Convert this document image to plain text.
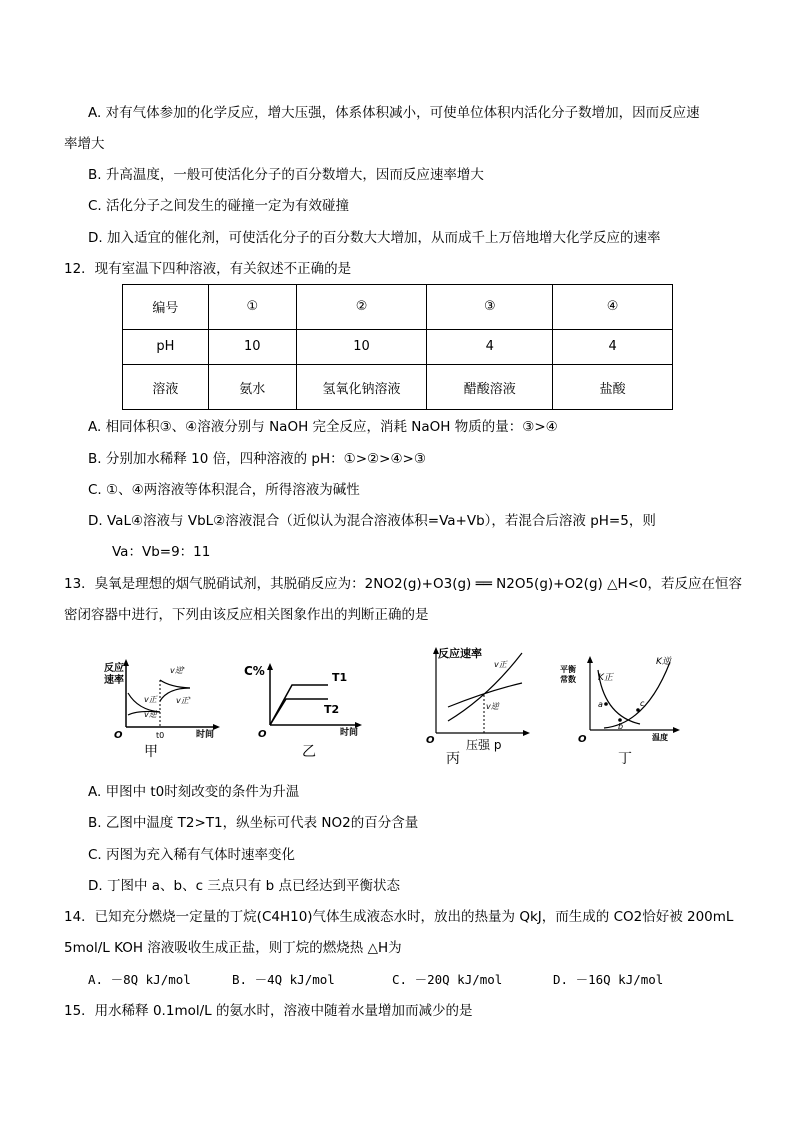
A. 对有气体参加的化学反应，增大压强，体系体积减小，可使单位体积内活化分子数增加，因而反应速
率增大
B. 升高温度，一般可使活化分子的百分数增大，因而反应速率增大
C. 活化分子之间发生的碰撞一定为有效碰撞
D. 加入适宜的催化剂，可使活化分子的百分数大大增加，从而成千上万倍地增大化学反应的速率
12．现有室温下四种溶液，有关叙述不正确的是
编号	①	②	③	④
pH	10	10	4	4
溶液	氨水	氢氧化钠溶液	醋酸溶液	盐酸
A. 相同体积③、④溶液分别与 NaOH 完全反应，消耗 NaOH 物质的量：③>④
B. 分别加水稀释 10 倍，四种溶液的 pH：①>②>④>③
C. ①、④两溶液等体积混合，所得溶液为碱性
D. VaL④溶液与 VbL②溶液混合（近似认为混合溶液体积=Va+Vb），若混合后溶液 pH=5，则
Va：Vb=9：11
13．臭氧是理想的烟气脱硝试剂，其脱硝反应为：2NO2(g)+O3(g) ══ N2O5(g)+O2(g) △H<0，若反应在恒容
密闭容器中进行，下列由该反应相关图象作出的判断正确的是
反应
速率
v逆'
v正'
v正
v逆
O	t0	时间
甲
C%	T1
T2
O	时间
乙
反应速率
v正
v逆
O	压强 p
丙
平衡
常数 K正
K逆
a
b
c
O	温度
丁
A. 甲图中 t0时刻改变的条件为升温
B. 乙图中温度 T2>T1，纵坐标可代表 NO2的百分含量
C. 丙图为充入稀有气体时速率变化
D. 丁图中 a、b、c 三点只有 b 点已经达到平衡状态
14．已知充分燃烧一定量的丁烷(C4H10)气体生成液态水时，放出的热量为 QkJ，而生成的 CO2恰好被 200mL
5mol/L KOH 溶液吸收生成正盐，则丁烷的燃烧热 △H为
A. －8Q kJ/mol	B. －4Q kJ/mol	C. －20Q kJ/mol	D. －16Q kJ/mol
15．用水稀释 0.1mol/L 的氨水时，溶液中随着水量增加而减少的是
